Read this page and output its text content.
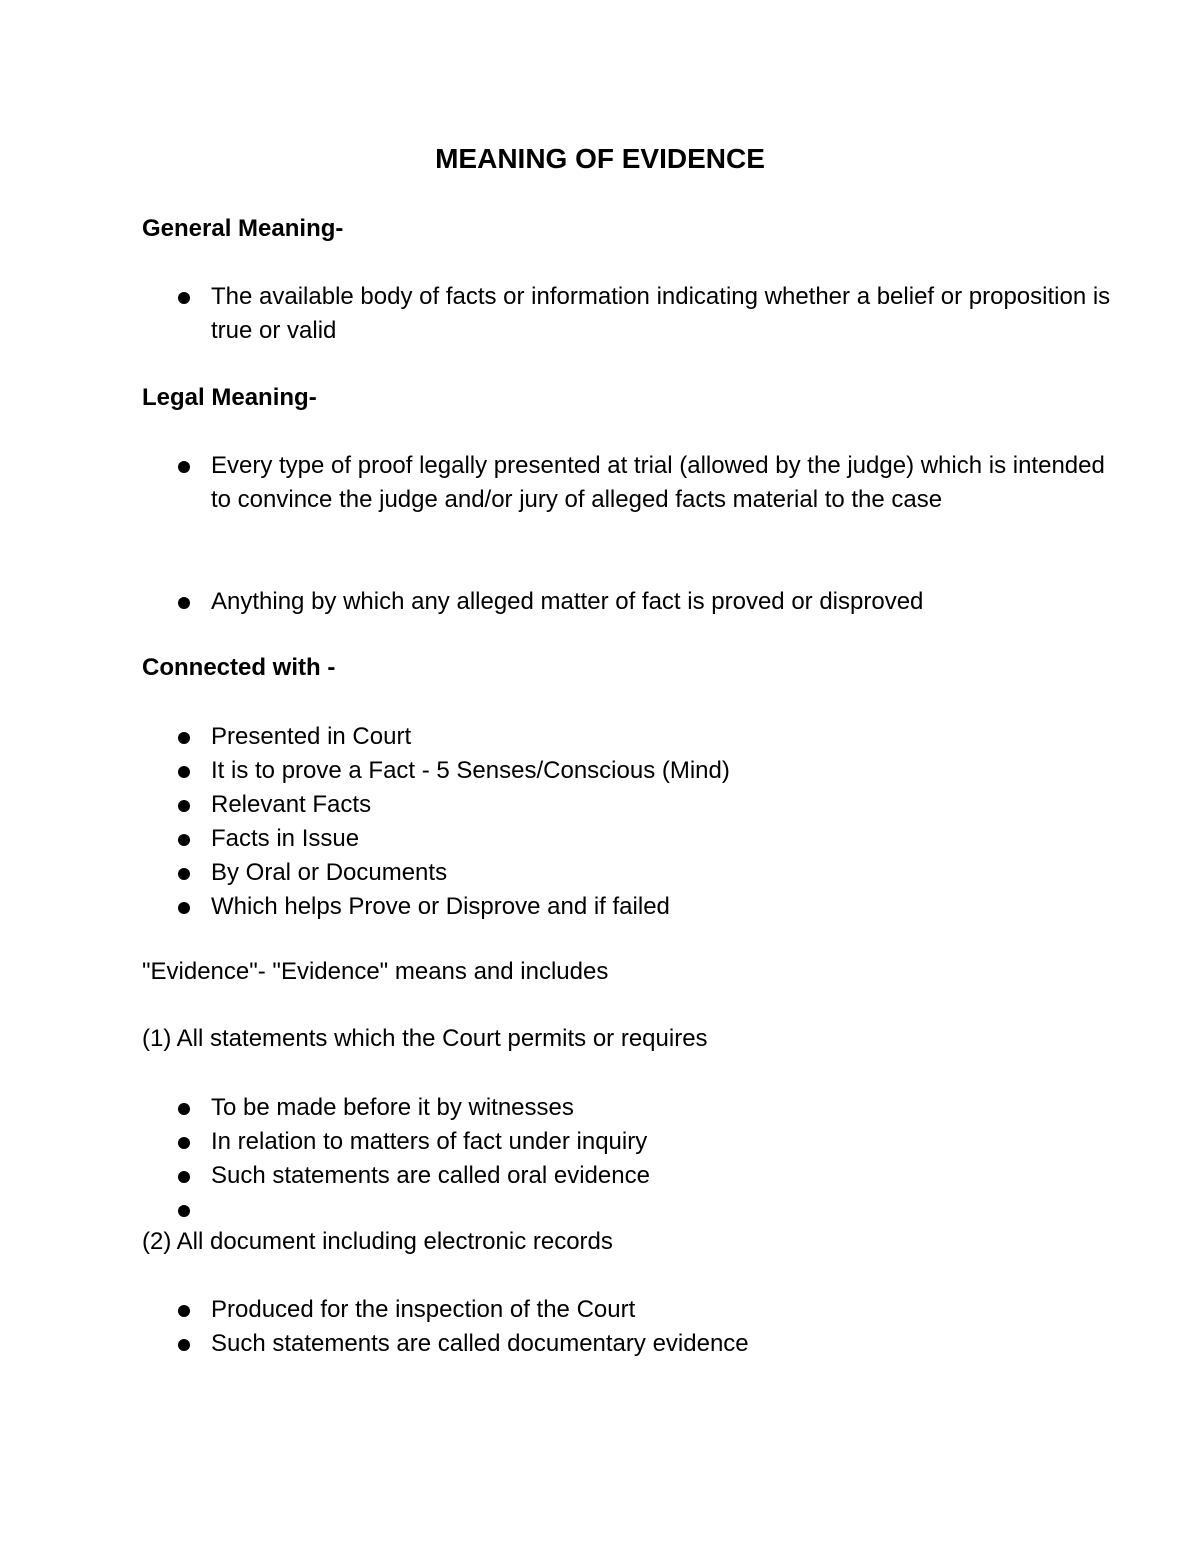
MEANING OF EVIDENCE

General Meaning-

The available body of facts or information indicating whether a belief or proposition is true or valid

Legal Meaning-

Every type of proof legally presented at trial (allowed by the judge) which is intended to convince the judge and/or jury of alleged facts material to the case

Anything by which any alleged matter of fact is proved or disproved

Connected with -

Presented in Court

It is to prove a Fact - 5 Senses/Conscious (Mind)

Relevant Facts

Facts in Issue

By Oral or Documents

Which helps Prove or Disprove and if failed

"Evidence"- "Evidence" means and includes

(1) All statements which the Court permits or requires

To be made before it by witnesses

In relation to matters of fact under inquiry

Such statements are called oral evidence

(2) All document including electronic records

Produced for the inspection of the Court

Such statements are called documentary evidence
